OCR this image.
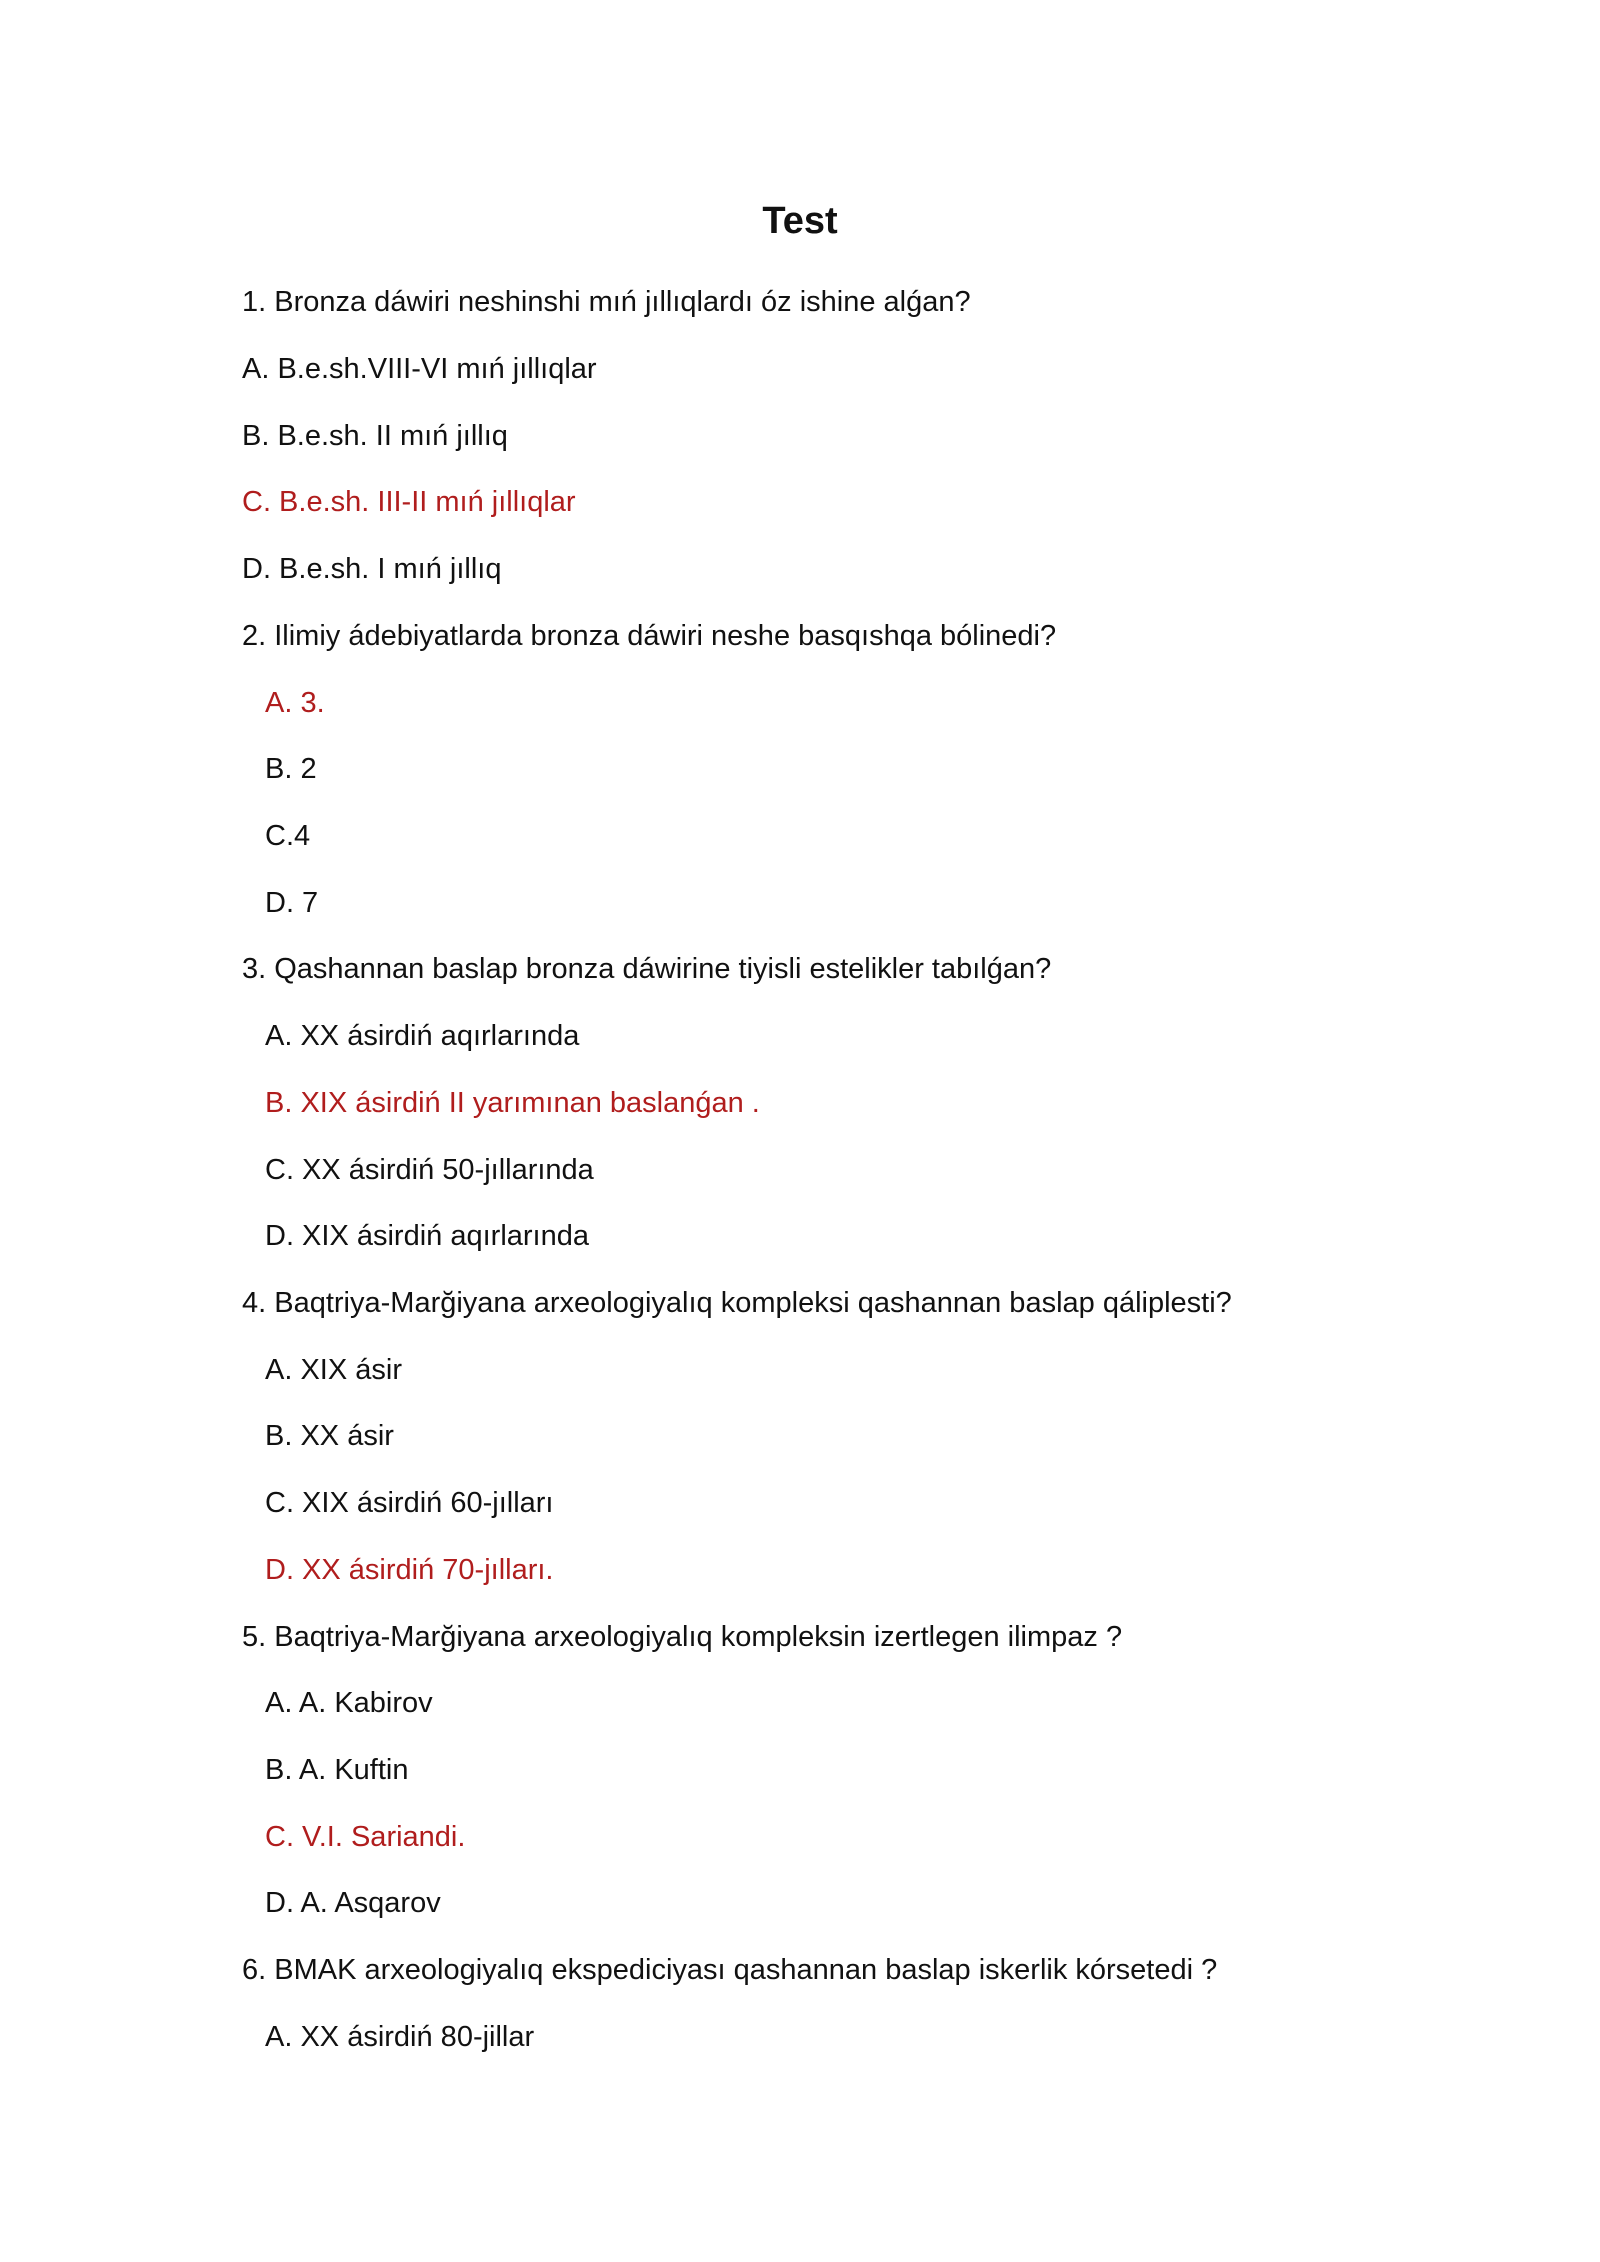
Test
1. Bronza dáwiri neshinshi mıń jıllıqlardı óz ishine alǵan?
A. B.e.sh.VIII-VI mıń jıllıqlar
B. B.e.sh. II mıń jıllıq
C. B.e.sh. III-II mıń jıllıqlar
D. B.e.sh. I mıń jıllıq
2. Ilimiy ádebiyatlarda bronza dáwiri neshe basqıshqa bólinedi?
A. 3.
B. 2
C.4
D. 7
3. Qashannan baslap bronza dáwirine tiyisli estelikler tabılǵan?
A. XX ásirdiń aqırlarında
B. XIX ásirdiń II yarımınan baslanǵan .
C. XX ásirdiń 50-jıllarında
D. XIX ásirdiń aqırlarında
4. Baqtriya-Marğiyana arxeologiyalıq kompleksi qashannan baslap qáliplesti?
A. XIX ásir
B. XX ásir
C. XIX ásirdiń 60-jılları
D. XX ásirdiń 70-jılları.
5. Baqtriya-Marğiyana arxeologiyalıq kompleksin izertlegen ilimpaz ?
A. A. Kabirov
B. A. Kuftin
C. V.I. Sariandi.
D. A. Asqarov
6. BMAK arxeologiyalıq ekspediciyası qashannan baslap iskerlik kórsetedi ?
A. XX ásirdiń 80-jillar
